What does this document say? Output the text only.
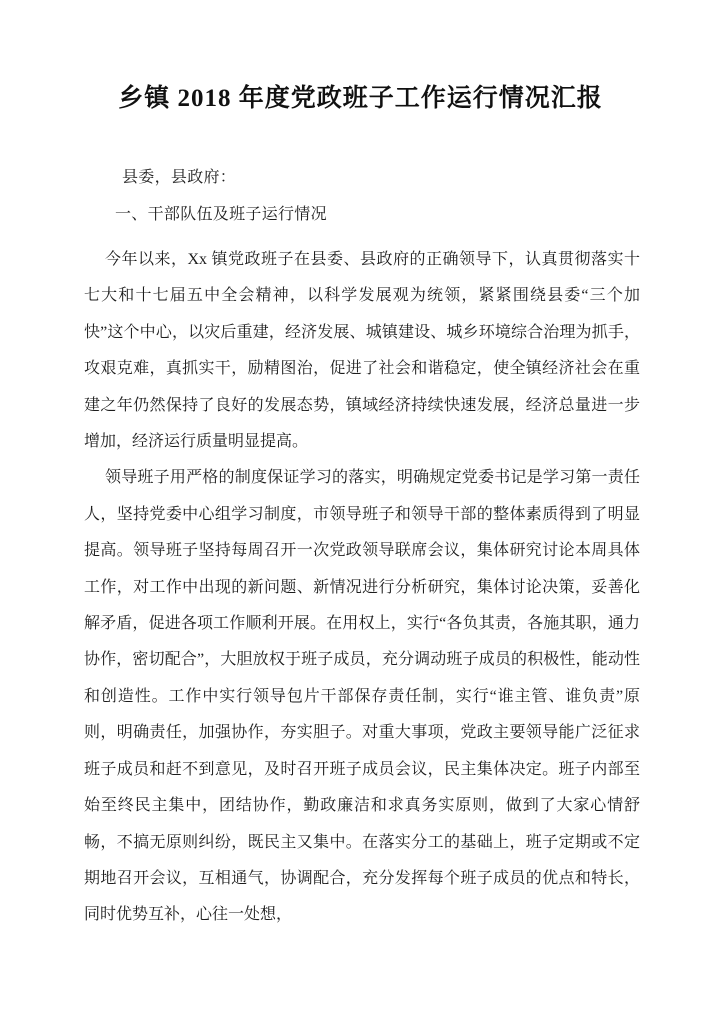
乡镇 2018 年度党政班子工作运行情况汇报

县委，县政府：

一、干部队伍及班子运行情况

今年以来，Xx 镇党政班子在县委、县政府的正确领导下，认真贯彻落实十七大和十七届五中全会精神，以科学发展观为统领，紧紧围绕县委“三个加快”这个中心，以灾后重建，经济发展、城镇建设、城乡环境综合治理为抓手，攻艰克难，真抓实干，励精图治，促进了社会和谐稳定，使全镇经济社会在重建之年仍然保持了良好的发展态势，镇域经济持续快速发展，经济总量进一步增加，经济运行质量明显提高。

领导班子用严格的制度保证学习的落实，明确规定党委书记是学习第一责任人，坚持党委中心组学习制度，市领导班子和领导干部的整体素质得到了明显提高。领导班子坚持每周召开一次党政领导联席会议，集体研究讨论本周具体工作，对工作中出现的新问题、新情况进行分析研究，集体讨论决策，妥善化解矛盾，促进各项工作顺利开展。在用权上，实行“各负其责，各施其职，通力协作，密切配合”，大胆放权于班子成员，充分调动班子成员的积极性，能动性和创造性。工作中实行领导包片干部保存责任制，实行“谁主管、谁负责”原则，明确责任，加强协作，夯实胆子。对重大事项，党政主要领导能广泛征求班子成员和赶不到意见，及时召开班子成员会议，民主集体决定。班子内部至始至终民主集中，团结协作，勤政廉洁和求真务实原则，做到了大家心情舒畅，不搞无原则纠纷，既民主又集中。在落实分工的基础上，班子定期或不定期地召开会议，互相通气，协调配合，充分发挥每个班子成员的优点和特长，同时优势互补，心往一处想，
